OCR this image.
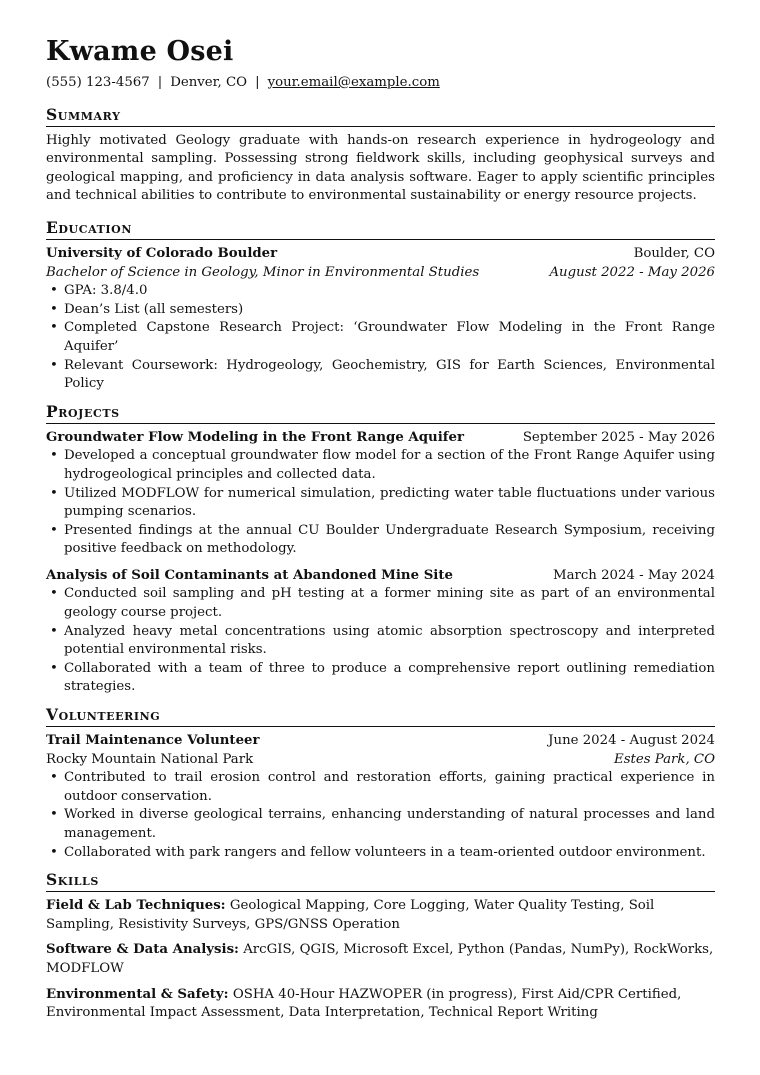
Kwame Osei
(555) 123-4567 | Denver, CO | your.email@example.com
Summary
Highly motivated Geology graduate with hands-on research experience in hydrogeology and environmental sampling. Possessing strong fieldwork skills, including geophysical surveys and geological mapping, and proficiency in data analysis software. Eager to apply scientific principles and technical abilities to contribute to environmental sustainability or energy resource projects.
Education
University of Colorado Boulder	Boulder, CO
Bachelor of Science in Geology, Minor in Environmental Studies	August 2022 - May 2026
• GPA: 3.8/4.0
• Dean’s List (all semesters)
• Completed Capstone Research Project: ‘Groundwater Flow Modeling in the Front Range Aquifer’
• Relevant Coursework: Hydrogeology, Geochemistry, GIS for Earth Sciences, Environmental Policy
Projects
Groundwater Flow Modeling in the Front Range Aquifer	September 2025 - May 2026
• Developed a conceptual groundwater flow model for a section of the Front Range Aquifer using hydrogeological principles and collected data.
• Utilized MODFLOW for numerical simulation, predicting water table fluctuations under various pumping scenarios.
• Presented findings at the annual CU Boulder Undergraduate Research Symposium, receiving positive feedback on methodology.
Analysis of Soil Contaminants at Abandoned Mine Site	March 2024 - May 2024
• Conducted soil sampling and pH testing at a former mining site as part of an environmental geology course project.
• Analyzed heavy metal concentrations using atomic absorption spectroscopy and interpreted potential environmental risks.
• Collaborated with a team of three to produce a comprehensive report outlining remediation strategies.
Volunteering
Trail Maintenance Volunteer	June 2024 - August 2024
Rocky Mountain National Park	Estes Park, CO
• Contributed to trail erosion control and restoration efforts, gaining practical experience in outdoor conservation.
• Worked in diverse geological terrains, enhancing understanding of natural processes and land management.
• Collaborated with park rangers and fellow volunteers in a team-oriented outdoor environment.
Skills
Field & Lab Techniques: Geological Mapping, Core Logging, Water Quality Testing, Soil Sampling, Resistivity Surveys, GPS/GNSS Operation
Software & Data Analysis: ArcGIS, QGIS, Microsoft Excel, Python (Pandas, NumPy), RockWorks, MODFLOW
Environmental & Safety: OSHA 40-Hour HAZWOPER (in progress), First Aid/CPR Certified, Environmental Impact Assessment, Data Interpretation, Technical Report Writing
